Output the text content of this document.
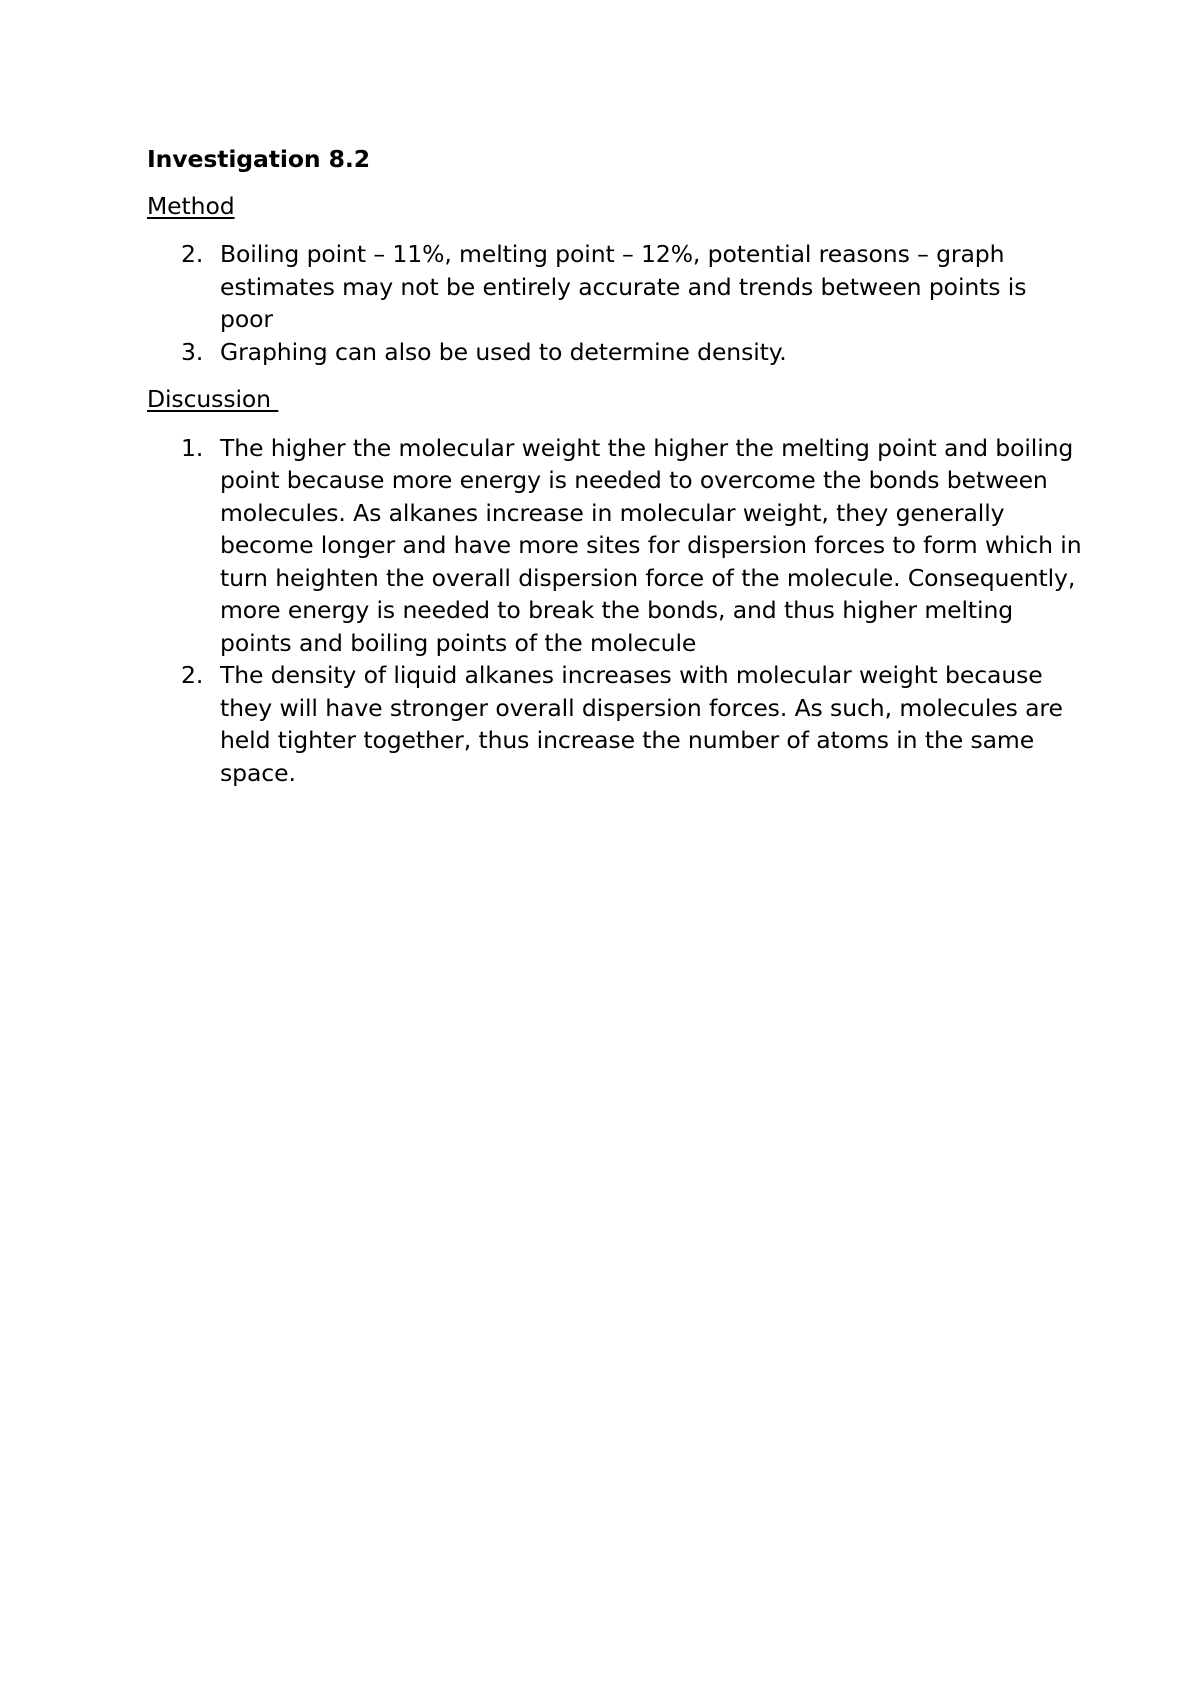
Investigation 8.2
Method
2. Boiling point – 11%, melting point – 12%, potential reasons – graph estimates may not be entirely accurate and trends between points is poor
3. Graphing can also be used to determine density.
Discussion
1. The higher the molecular weight the higher the melting point and boiling point because more energy is needed to overcome the bonds between molecules. As alkanes increase in molecular weight, they generally become longer and have more sites for dispersion forces to form which in turn heighten the overall dispersion force of the molecule. Consequently, more energy is needed to break the bonds, and thus higher melting points and boiling points of the molecule
2. The density of liquid alkanes increases with molecular weight because they will have stronger overall dispersion forces. As such, molecules are held tighter together, thus increase the number of atoms in the same space.
